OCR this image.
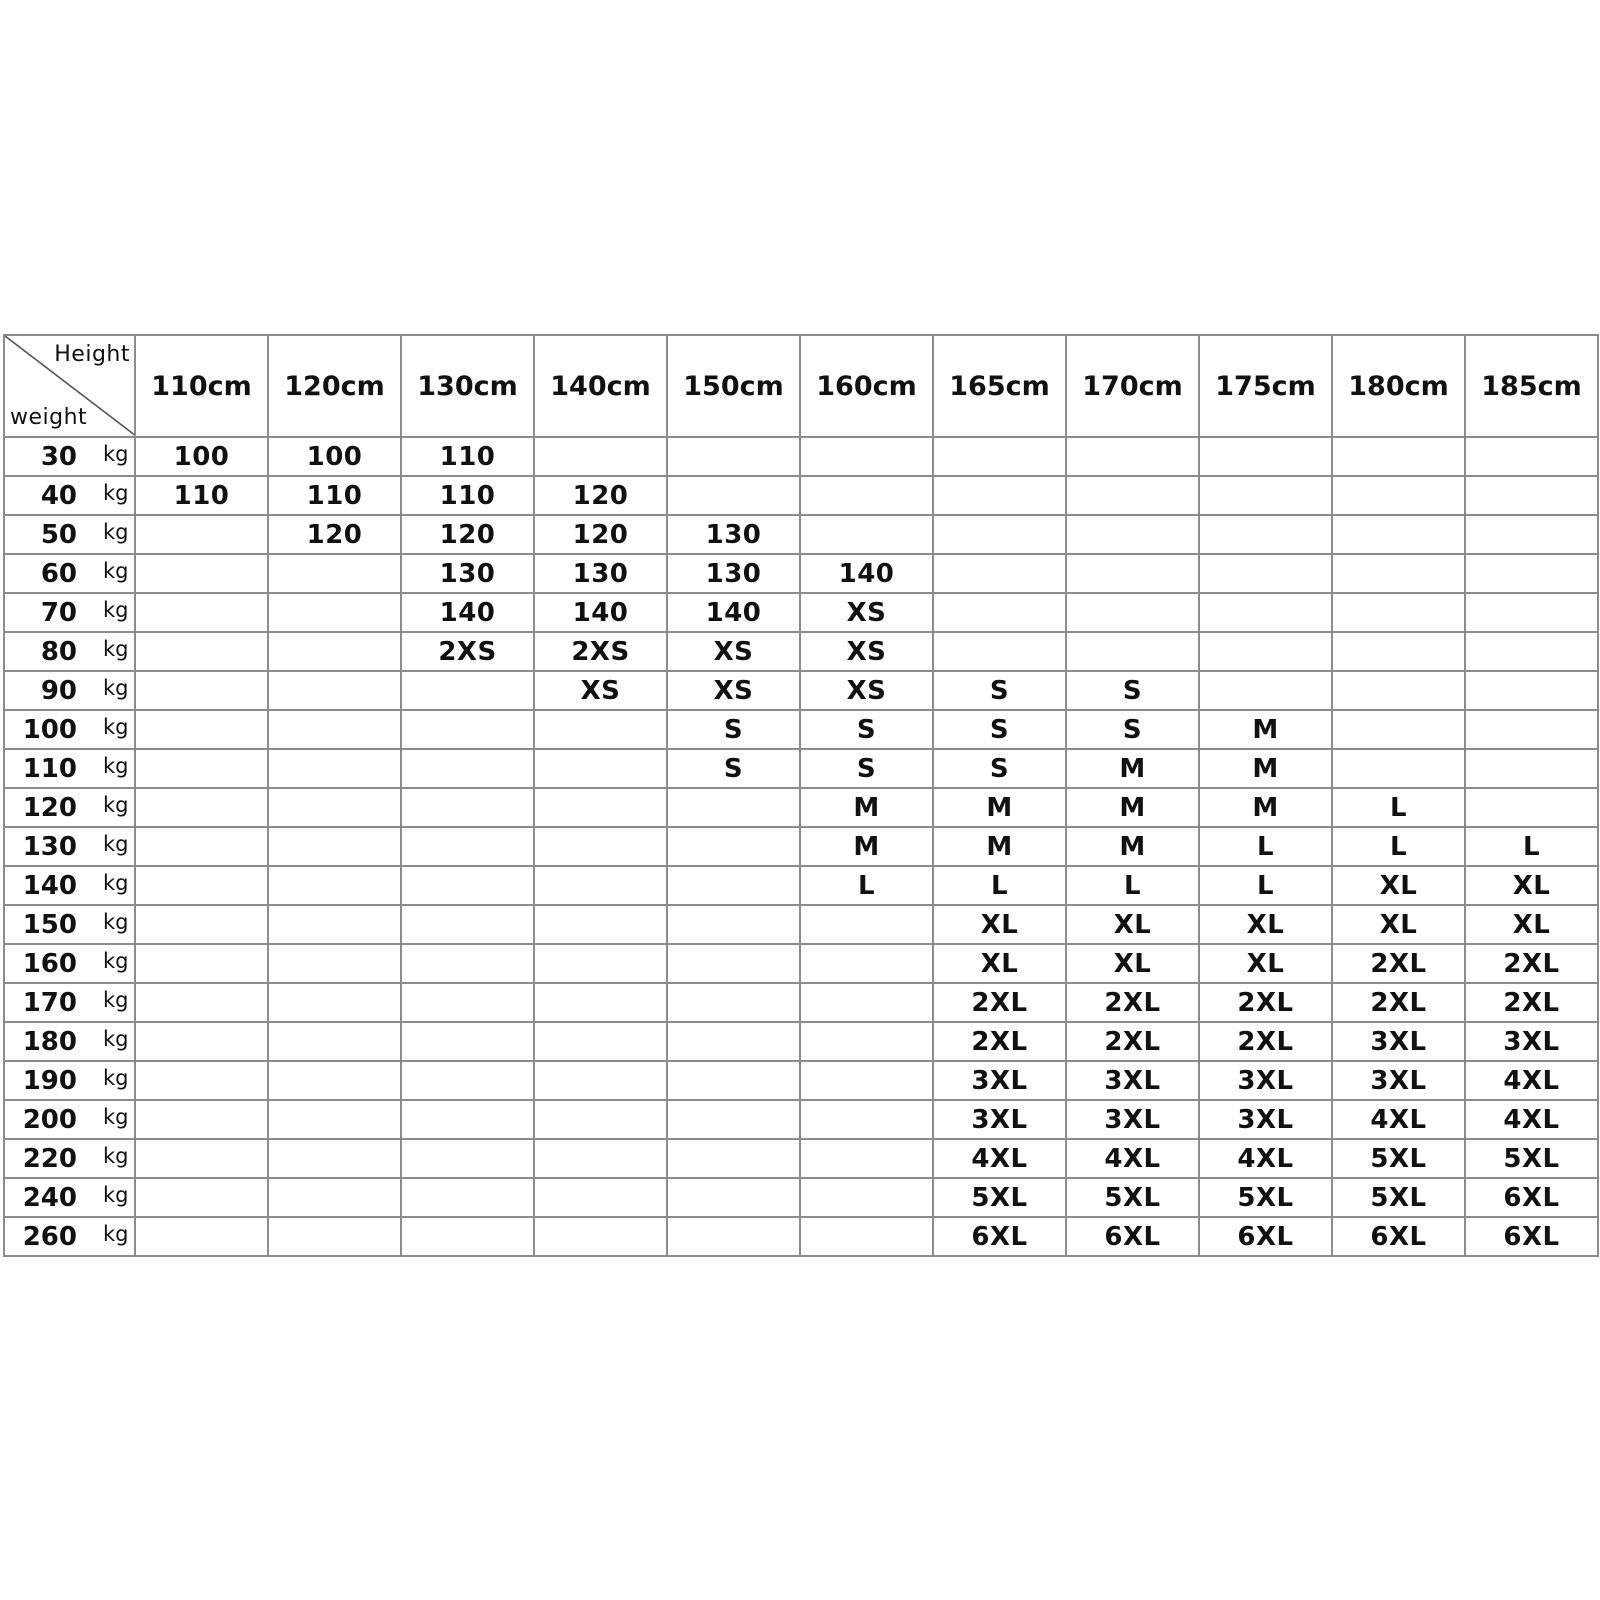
Height
weight	110cm	120cm	130cm	140cm	150cm	160cm	165cm	170cm	175cm	180cm	185cm

30 kg	100	100	110								

40 kg	110	110	110	120							

50 kg		120	120	120	130						

60 kg			130	130	130	140					

70 kg			140	140	140	XS					

80 kg			2XS	2XS	XS	XS					

90 kg				XS	XS	XS	S	S			

100 kg					S	S	S	S	M		

110 kg					S	S	S	M	M		

120 kg						M	M	M	M	L	

130 kg						M	M	M	L	L	L

140 kg						L	L	L	L	XL	XL

150 kg							XL	XL	XL	XL	XL

160 kg							XL	XL	XL	2XL	2XL

170 kg							2XL	2XL	2XL	2XL	2XL

180 kg							2XL	2XL	2XL	3XL	3XL

190 kg							3XL	3XL	3XL	3XL	4XL

200 kg							3XL	3XL	3XL	4XL	4XL

220 kg							4XL	4XL	4XL	5XL	5XL

240 kg							5XL	5XL	5XL	5XL	6XL

260 kg							6XL	6XL	6XL	6XL	6XL
